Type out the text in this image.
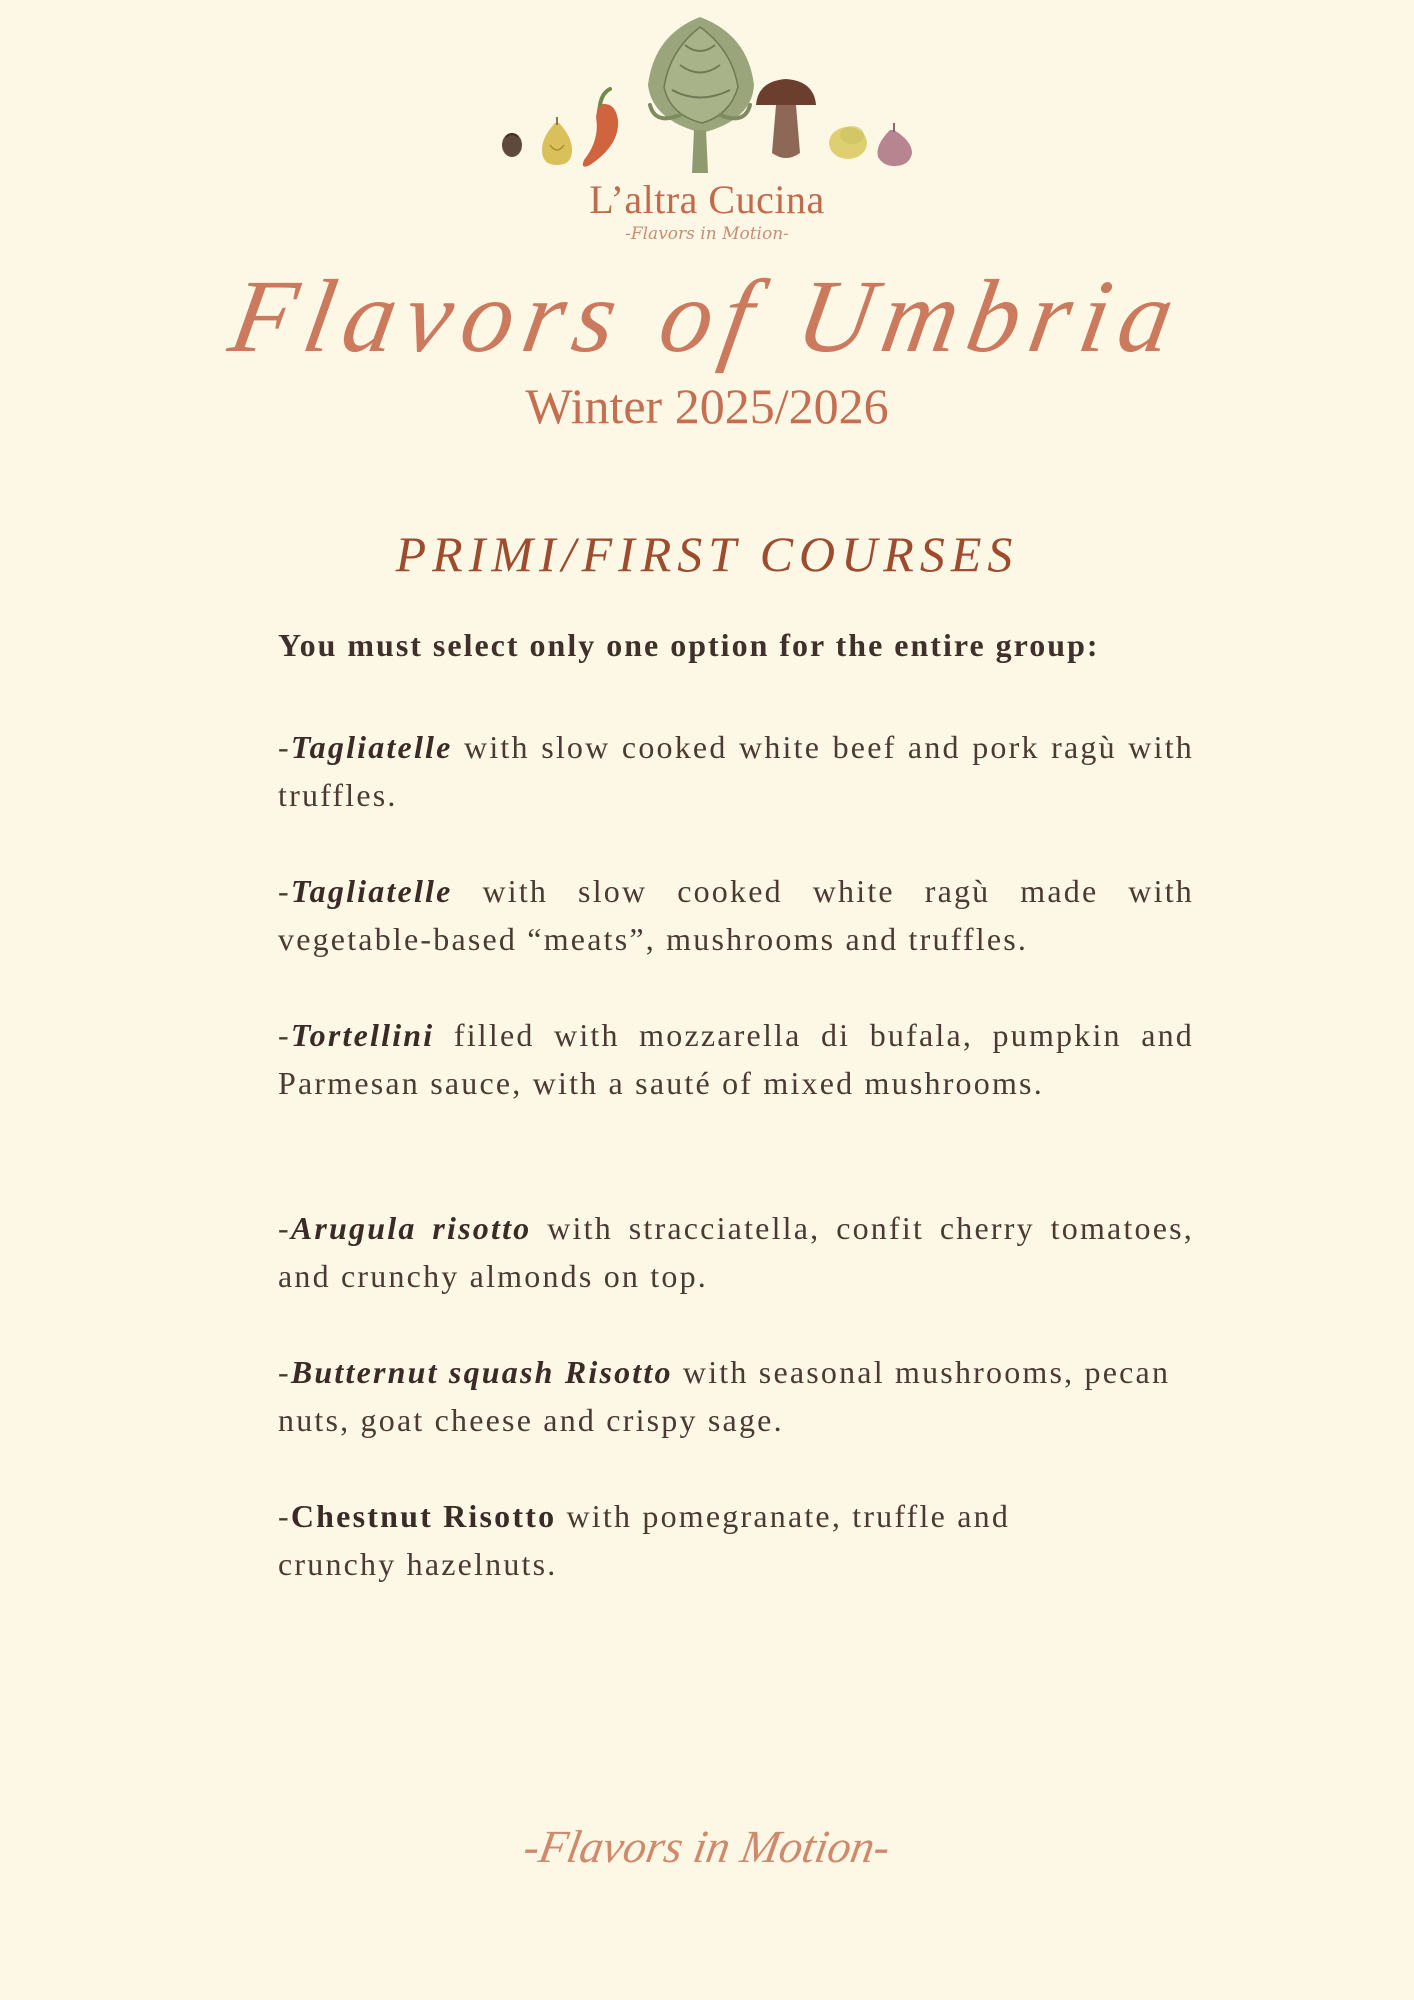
L’altra Cucina
-Flavors in Motion-
Flavors of Umbria
Winter 2025/2026
PRIMI/FIRST COURSES
You must select only one option for the entire group:
-Tagliatelle with slow cooked white beef and pork ragù with truffles.
-Tagliatelle with slow cooked white ragù made with vegetable-based “meats”, mushrooms and truffles.
-Tortellini filled with mozzarella di bufala, pumpkin and Parmesan sauce, with a sauté of mixed mushrooms.
-Arugula risotto with stracciatella, confit cherry tomatoes, and crunchy almonds on top.
-Butternut squash Risotto with seasonal mushrooms, pecan nuts, goat cheese and crispy sage.
-Chestnut Risotto with pomegranate, truffle and crunchy hazelnuts.
-Flavors in Motion-
